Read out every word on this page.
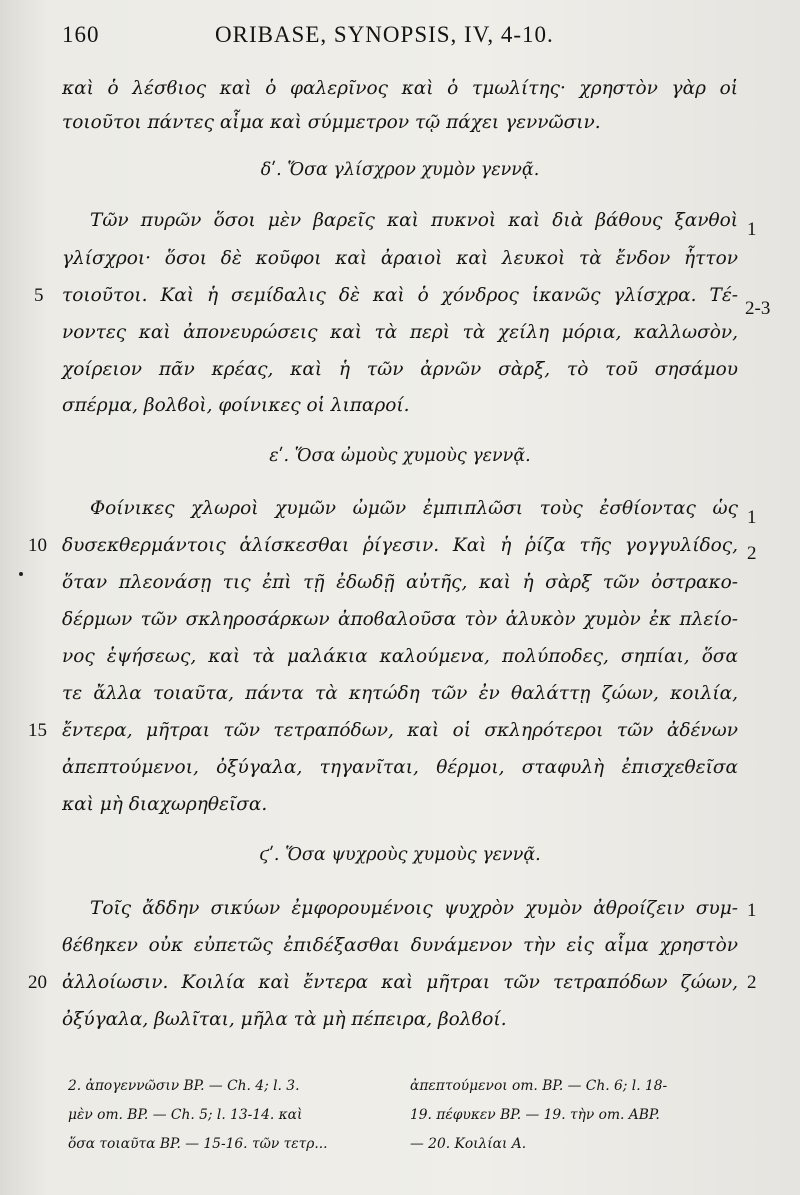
160	ORIBASE, SYNOPSIS, IV, 4-10.
καὶ ὁ λέσϐιος καὶ ὁ φαλερῖνος καὶ ὁ τμωλίτης· χρηστὸν γὰρ οἱ
τοιοῦτοι πάντες αἷμα καὶ σύμμετρον τῷ πάχει γεννῶσιν.
δʹ. Ὅσα γλίσχρον χυμὸν γεννᾷ.
Τῶν πυρῶν ὅσοι μὲν βαρεῖς καὶ πυκνοὶ καὶ διὰ βάθους ξανθοὶ
γλίσχροι· ὅσοι δὲ κοῦφοι καὶ ἀραιοὶ καὶ λευκοὶ τὰ ἔνδον ἧττον
τοιοῦτοι. Καὶ ἡ σεμίδαλις δὲ καὶ ὁ χόνδρος ἱκανῶς γλίσχρα. Τέ-
νοντες καὶ ἀπονευρώσεις καὶ τὰ περὶ τὰ χείλη μόρια, καλλωσὸν,
χοίρειον πᾶν κρέας, καὶ ἡ τῶν ἀρνῶν σὰρξ, τὸ τοῦ σησάμου
σπέρμα, βολϐοὶ, φοίνικες οἱ λιπαροί.
εʹ. Ὅσα ὠμοὺς χυμοὺς γεννᾷ.
Φοίνικες χλωροὶ χυμῶν ὠμῶν ἐμπιπλῶσι τοὺς ἐσθίοντας ὡς
δυσεκθερμάντοις ἁλίσκεσθαι ῥίγεσιν. Καὶ ἡ ῥίζα τῆς γογγυλίδος,
ὅταν πλεονάσῃ τις ἐπὶ τῇ ἐδωδῇ αὐτῆς, καὶ ἡ σὰρξ τῶν ὀστρακο-
δέρμων τῶν σκληροσάρκων ἀποϐαλοῦσα τὸν ἁλυκὸν χυμὸν ἐκ πλείο-
νος ἑψήσεως, καὶ τὰ μαλάκια καλούμενα, πολύποδες, σηπίαι, ὅσα
τε ἄλλα τοιαῦτα, πάντα τὰ κητώδη τῶν ἐν θαλάττῃ ζώων, κοιλία,
ἔντερα, μῆτραι τῶν τετραπόδων, καὶ οἱ σκληρότεροι τῶν ἀδένων
ἀπεπτούμενοι, ὀξύγαλα, τηγανῖται, θέρμοι, σταφυλὴ ἐπισχεθεῖσα
καὶ μὴ διαχωρηθεῖσα.
ϛʹ. Ὅσα ψυχροὺς χυμοὺς γεννᾷ.
Τοῖς ἄδδην σικύων ἐμφορουμένοις ψυχρὸν χυμὸν ἀθροίζειν συμ-
ϐέϐηκεν οὐκ εὐπετῶς ἐπιδέξασθαι δυνάμενον τὴν εἰς αἷμα χρηστὸν
ἀλλοίωσιν. Κοιλία καὶ ἔντερα καὶ μῆτραι τῶν τετραπόδων ζώων,
ὀξύγαλα, βωλῖται, μῆλα τὰ μὴ πέπειρα, βολϐοί.
5
10
15
20
1
2-3
1
2
1
2
2. ἀπογεννῶσιν BP. — Ch. 4; l. 3.
μὲν om. BP. — Ch. 5; l. 13-14. καὶ
ὅσα τοιαῦτα BP. — 15-16. τῶν τετρ...
ἀπεπτούμενοι om. BP. — Ch. 6; l. 18-
19. πέφυκεν BP. — 19. τὴν om. ABP.
— 20. Κοιλίαι A.
